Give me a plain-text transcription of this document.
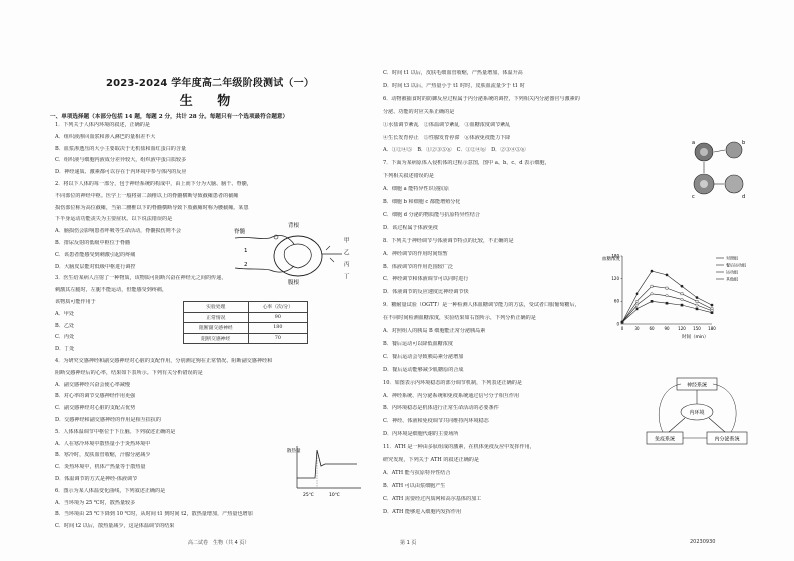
2023-2024 学年度高二年级阶段测试（一）
生 物
一、单项选择题（本部分包括 14 题，每题 2 分，共计 28 分。每题只有一个选项最符合题意）
1．下列关于人体内环境的叙述，正确的是
A．组织液渗回血浆和渗入淋巴的量相差不大
B．血浆渗透压的大小主要取决于无机盐和血红蛋白的含量
C．组织液与细胞内液成分差异较大，组织液中蛋白质较多
D．神经递质、激素都可以存在于内环境中参与体内的反应
2．将以下人体的每一部分，包于神经系统的构成中，由上而下分为大脑、脑干、脊髓，
不同部位的神经中枢。医学上一般将第二颈椎以上的脊髓横断导致截瘫患者的截瘫
损伤部位称为高位截瘫，当第二腰椎以下的脊髓横断导致下肢截瘫时称为腰截瘫。某患
下半身运动功能丧失为主要症状。以下说法错误的是
A．脑损伤会影响患者呼吸等生命活动，脊髓损伤则不会
B．排尿反射的低级中枢位于脊髓
C．该患者能感受到刺激引起的疼痛
D．大脑皮层能对低级中枢进行调控
3．医生给某病人注射了一种物质，该物质可阻断兴奋在神经元之间的传递，
刺激其左腿时，左腿不能运动，但能感受到疼痛，
该物质可能作用于
A．甲处
B．乙处
C．丙处
D．丁处
4．为研究交感神经和副交感神经对心脏的支配作用，分别测定狗在正常情况、阻断副交感神经和
阻断交感神经后的心率，结果如下表所示。下列有关分析错误的是
A．副交感神经兴奋会使心率减慢
B．对心率的调节交感神经作用更强
C．副交感神经对心脏的支配占优势
D．交感神经和副交感神经的作用是相互拮抗的
5．人体体温调节中枢位于下丘脑。下列叙述正确的是
A．人在寒冷环境中散热量小于炎热环境中
B．寒冷时，皮肤血管收缩，汗腺分泌减少
C．炎热环境中，机体产热量等于散热量
D．体温调节的方式是神经-体液调节
6．图示为某人体温变化曲线，下列叙述正确的是
A．当环境为 25 ℃时，散热量较多
B．当环境由 25 ℃下降到 10 ℃时，从时间 t1 到时间 t2，散热量增加，产热量也增加
C．时间 t2 以后，散热量减少，这是体温调节的结果
C．时间 t1 以后，皮肤毛细血管收缩，产热量增加，体温升高
D．时间 t3 以后，产热量小于 t1 时时，皮肤血流量少于 t1 时
6．动物被捕食时的防御反应过程属于内分泌系统的调控，下列相关内分泌器官与激素的
分泌、功能的对应关系正确的是
①水盐调节紊乱　②体温调节紊乱　③血糖浓度调节紊乱
④生长发育停止　⑤性腺发育停滞　⑥体液免疫能力下降
A．①②④⑤　B．①②③⑤⑥　C．①②④⑥　D．②③④⑤⑥
7．下面为某病原体入侵机体的过程示意图，图中 a、b、c、d 表示细胞，
下列相关叙述错误的是
A．细胞 a 能特异性识别抗原
B．细胞 b 和细胞 c 都能增殖分化
C．细胞 d 分泌的物质能与抗原特异性结合
D．该过程属于体液免疫
8．下列关于神经调节与体液调节特点的比较，不正确的是
A．神经调节的作用时间短暂
B．体液调节的作用范围较广泛
C．神经调节和体液调节可以同时进行
D．体液调节的反应速度比神经调节快
9．糖耐量试验（OGTT）是一种检测人体血糖调节能力的方法，受试者口服葡萄糖后，
在不同时间检测血糖浓度，实验结果如右图所示，下列分析正确的是
A．对照组人的胰岛 B 细胞能正常分泌胰岛素
B．餐后运动可以降低血糖浓度
C．餐后运动会导致胰岛素分泌增加
D．餐后运动能够减少肌糖原的合成
10．如图表示内环境稳态的部分调节机制，下列表述正确的是
A．神经系统、内分泌系统和免疫系统通过信号分子相互作用
B．内环境稳态是机体进行正常生命活动的必要条件
C．神经、体液和免疫调节共同维持内环境稳态
D．内环境是细胞代谢的主要场所
11．ATH 是一种由多肽组成的激素，在机体免疫反应中发挥作用，
研究发现，下列关于 ATH 的叙述正确的是
A．ATH 能与抗原特异性结合
B．ATH 可以由浆细胞产生
C．ATH 需要经过内质网和高尔基体的加工
D．ATH 能够进入细胞内发挥作用
脊髓
背根
腹根
甲
乙
丙
丁
1
2
实验处理	心率（次/分）
正常情况	90
阻断副交感神经	180
阻断交感神经	70
散热量
25℃	10℃
a	b
c	d
血糖浓度
时间（min）
0	30 60 90 120 150 180
0
60
120
180	对照组
餐后运动组
运动组
其他组
神经系统
内环境
免疫系统	内分泌系统
高二试卷　生物（共 4 页）	第 1 页	20230930
